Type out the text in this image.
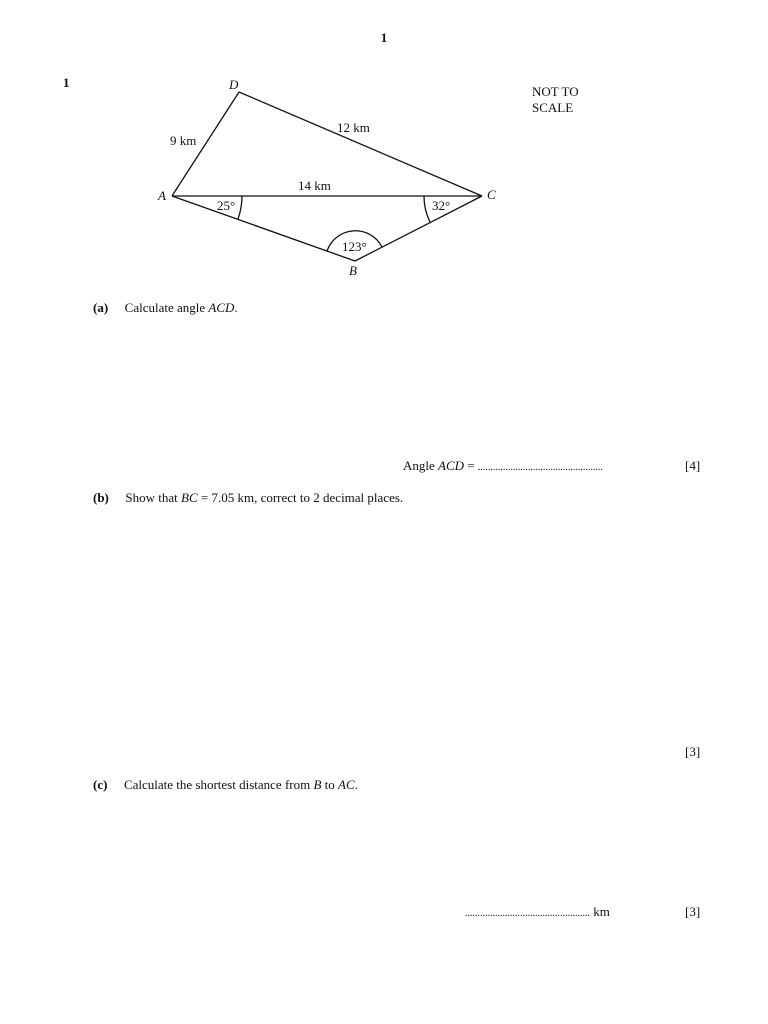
1
1
NOT TO
SCALE
D
A	C
B
9 km
12 km
14 km
25°	32°
123°
(a) Calculate angle ACD.
Angle ACD = ..................................................	[4]
(b) Show that BC = 7.05 km, correct to 2 decimal places.
[3]
(c) Calculate the shortest distance from B to AC.
.................................................. km	[3]
